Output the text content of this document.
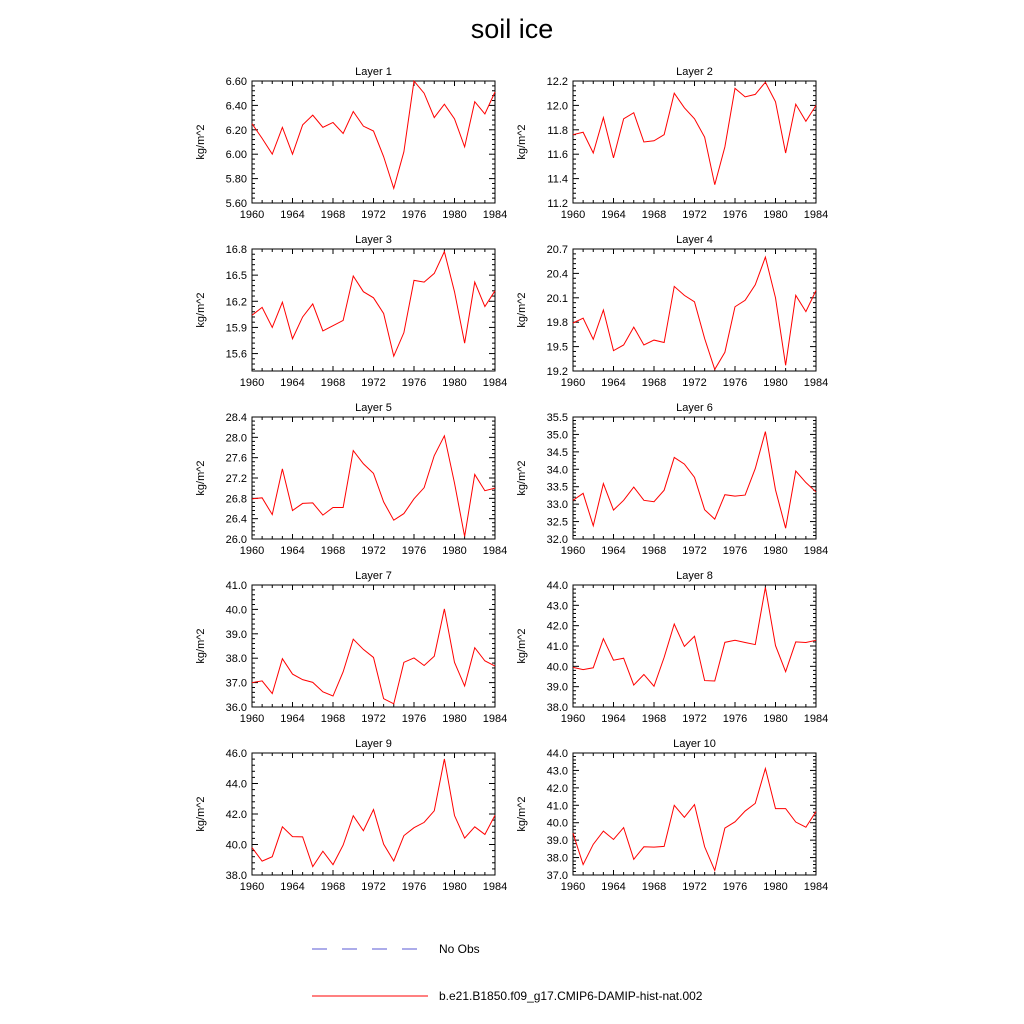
soil ice
Layer 1
kg/m^2
1960 1964 1968 1972 1976 1980 1984
5.60
5.80
6.00
6.20
6.40
6.60
Layer 2
kg/m^2
1960 1964 1968 1972 1976 1980 1984
11.2
11.4
11.6
11.8
12.0
12.2
Layer 3
kg/m^2
1960 1964 1968 1972 1976 1980 1984
15.6
15.9
16.2
16.5
16.8
Layer 4
kg/m^2
1960 1964 1968 1972 1976 1980 1984
19.2
19.5
19.8
20.1
20.4
20.7
Layer 5
kg/m^2
1960 1964 1968 1972 1976 1980 1984
26.0
26.4
26.8
27.2
27.6
28.0
28.4
Layer 6
kg/m^2
1960 1964 1968 1972 1976 1980 1984
32.0
32.5
33.0
33.5
34.0
34.5
35.0
35.5
Layer 7
kg/m^2
1960 1964 1968 1972 1976 1980 1984
36.0
37.0
38.0
39.0
40.0
41.0
Layer 8
kg/m^2
1960 1964 1968 1972 1976 1980 1984
38.0
39.0
40.0
41.0
42.0
43.0
44.0
Layer 9
kg/m^2
1960 1964 1968 1972 1976 1980 1984
38.0
40.0
42.0
44.0
46.0
Layer 10
kg/m^2
1960 1964 1968 1972 1976 1980 1984
37.0
38.0
39.0
40.0
41.0
42.0
43.0
44.0
No Obs
b.e21.B1850.f09_g17.CMIP6-DAMIP-hist-nat.002
